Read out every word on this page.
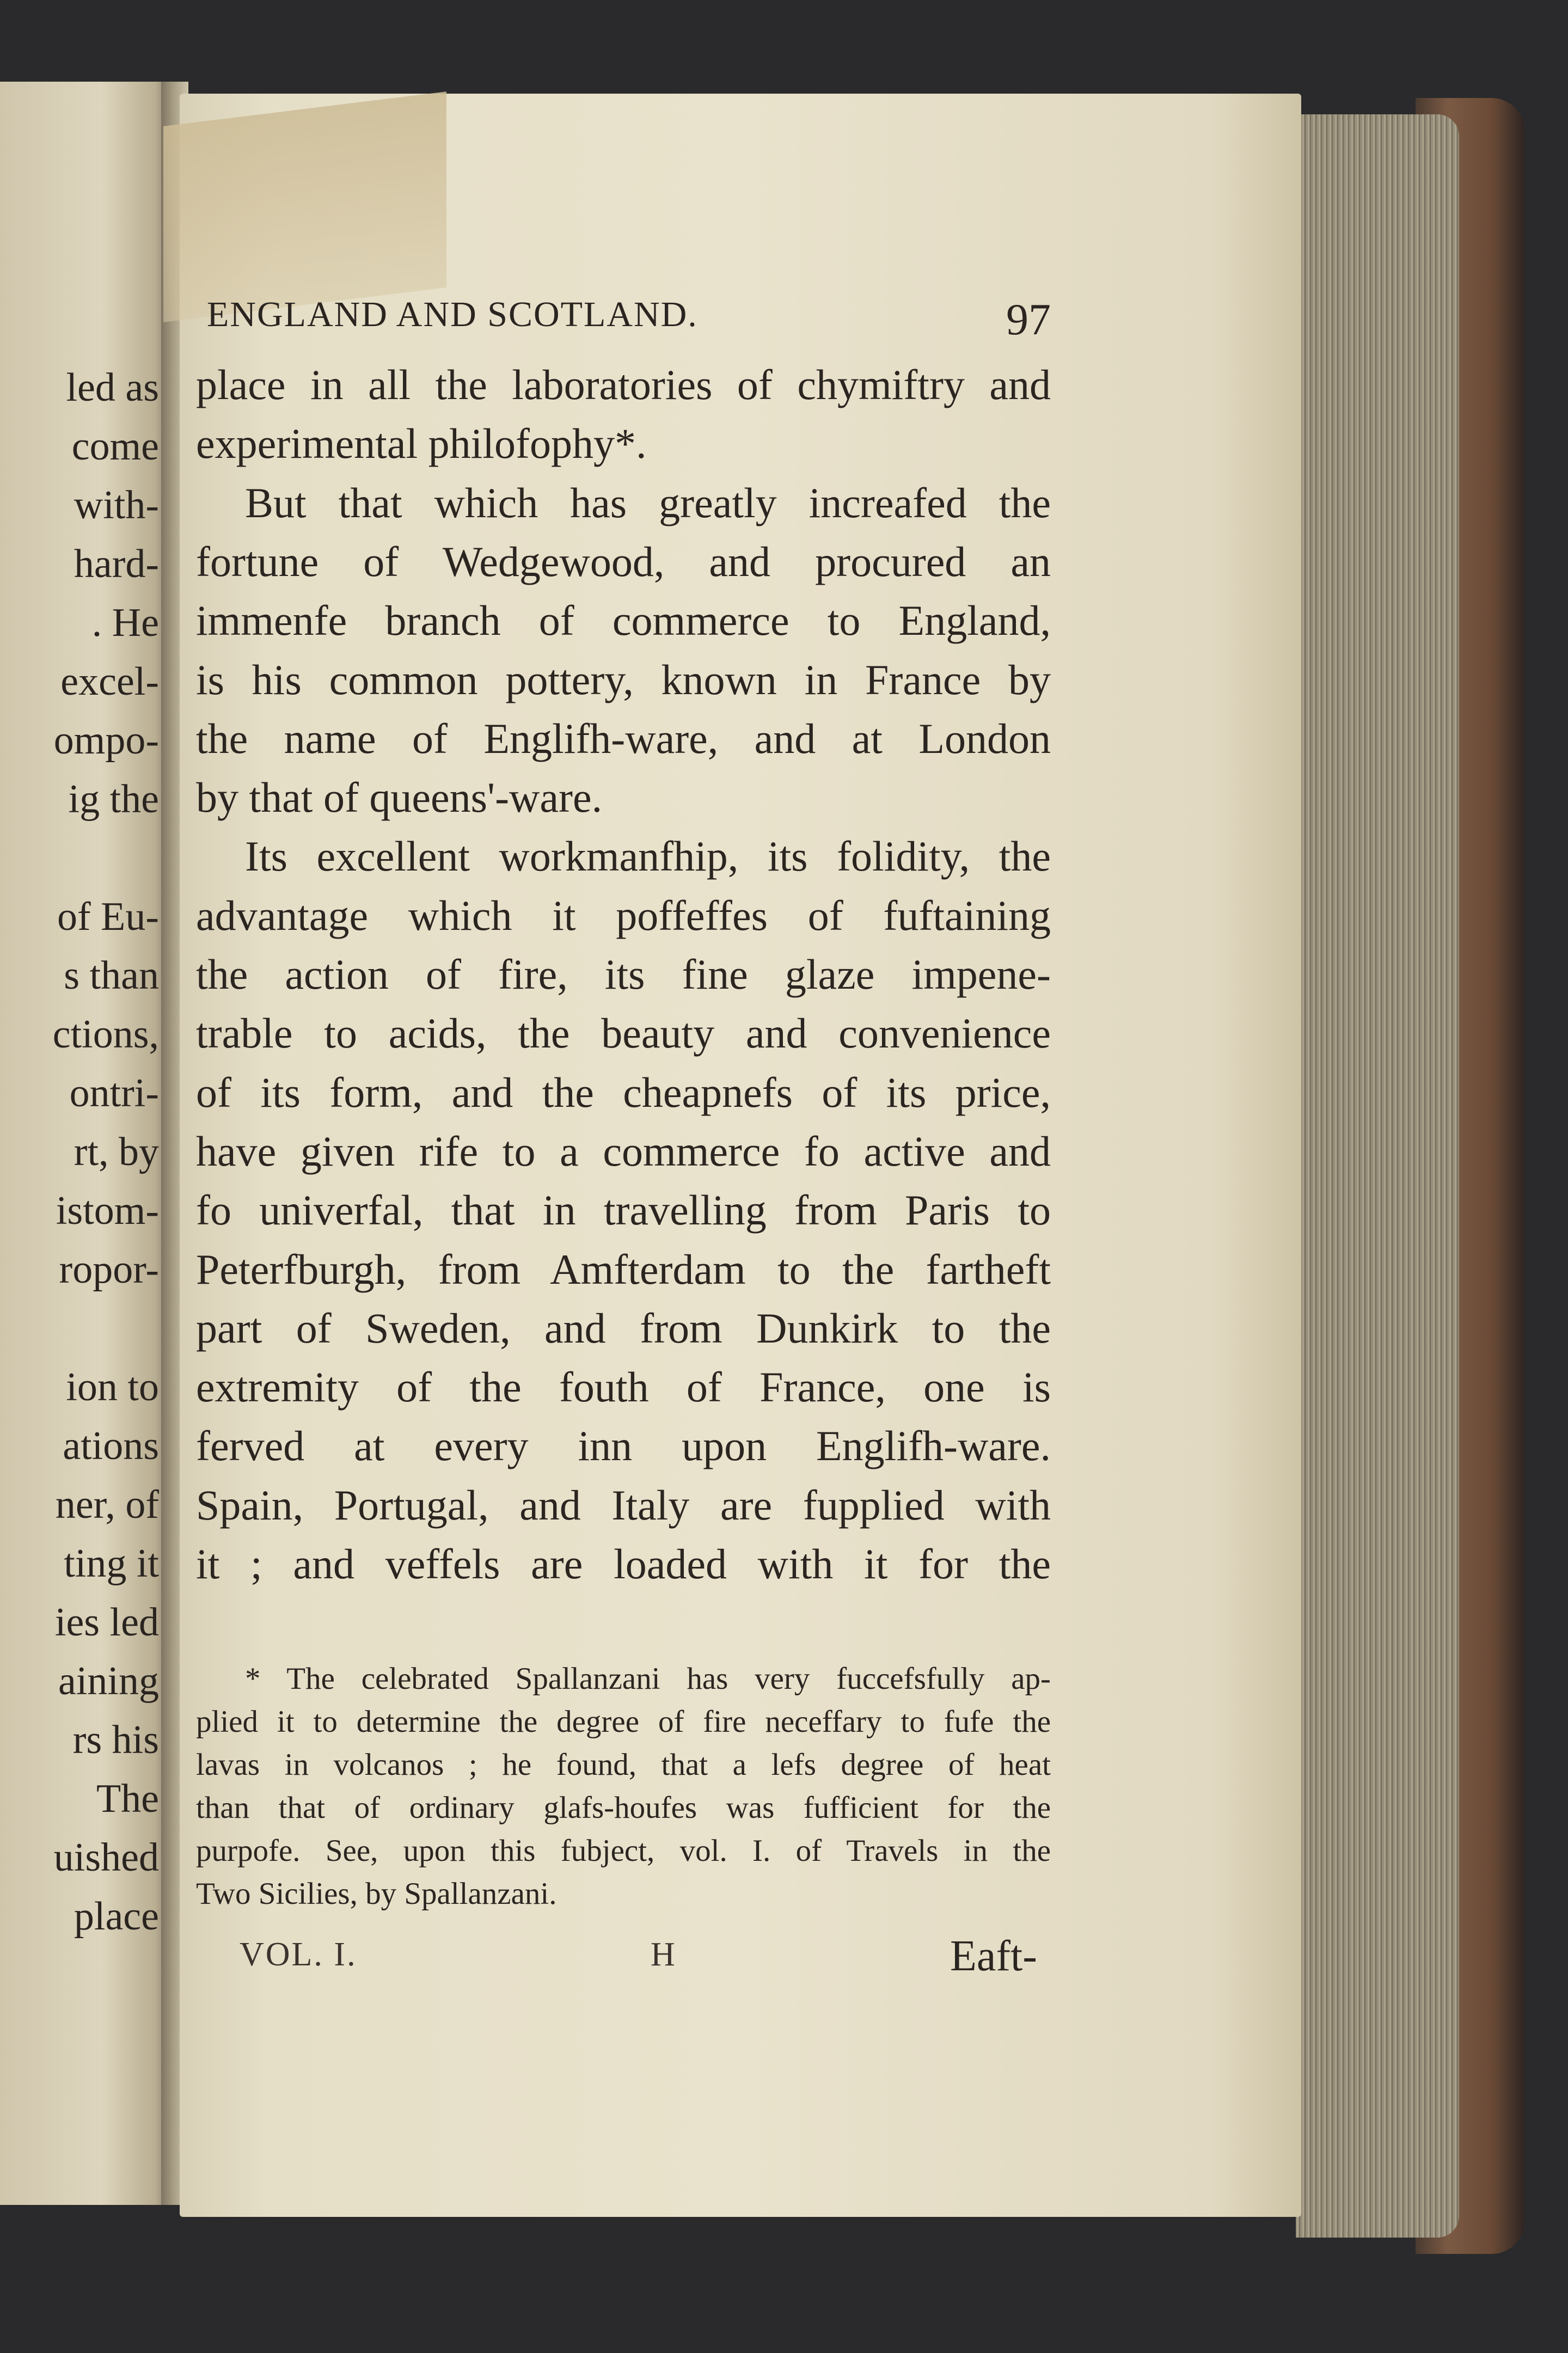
led as
come
with-
hard-
. He
excel-
ompo-
ig the
of Eu-
s than
ctions,
ontri-
rt, by
istom-
ropor-
ion to
ations
ner, of
ting it
ies led
aining
rs his
The
uished
place
ENGLAND AND SCOTLAND.	97
place in all the laboratories of chymiftry and
experimental philofophy*.
But that which has greatly increafed the
fortune of Wedgewood, and procured an
immenfe branch of commerce to England,
is his common pottery, known in France by
the name of Englifh-ware, and at London
by that of queens'-ware.
Its excellent workmanfhip, its folidity, the
advantage which it poffeffes of fuftaining
the action of fire, its fine glaze impene-
trable to acids, the beauty and convenience
of its form, and the cheapnefs of its price,
have given rife to a commerce fo active and
fo univerfal, that in travelling from Paris to
Peterfburgh, from Amfterdam to the fartheft
part of Sweden, and from Dunkirk to the
extremity of the fouth of France, one is
ferved at every inn upon Englifh-ware.
Spain, Portugal, and Italy are fupplied with
it ; and veffels are loaded with it for the
* The celebrated Spallanzani has very fuccefsfully ap-
plied it to determine the degree of fire neceffary to fufe the
lavas in volcanos ; he found, that a lefs degree of heat
than that of ordinary glafs-houfes was fufficient for the
purpofe. See, upon this fubject, vol. I. of Travels in the
Two Sicilies, by Spallanzani.
VOL. I.	H	Eaft-
